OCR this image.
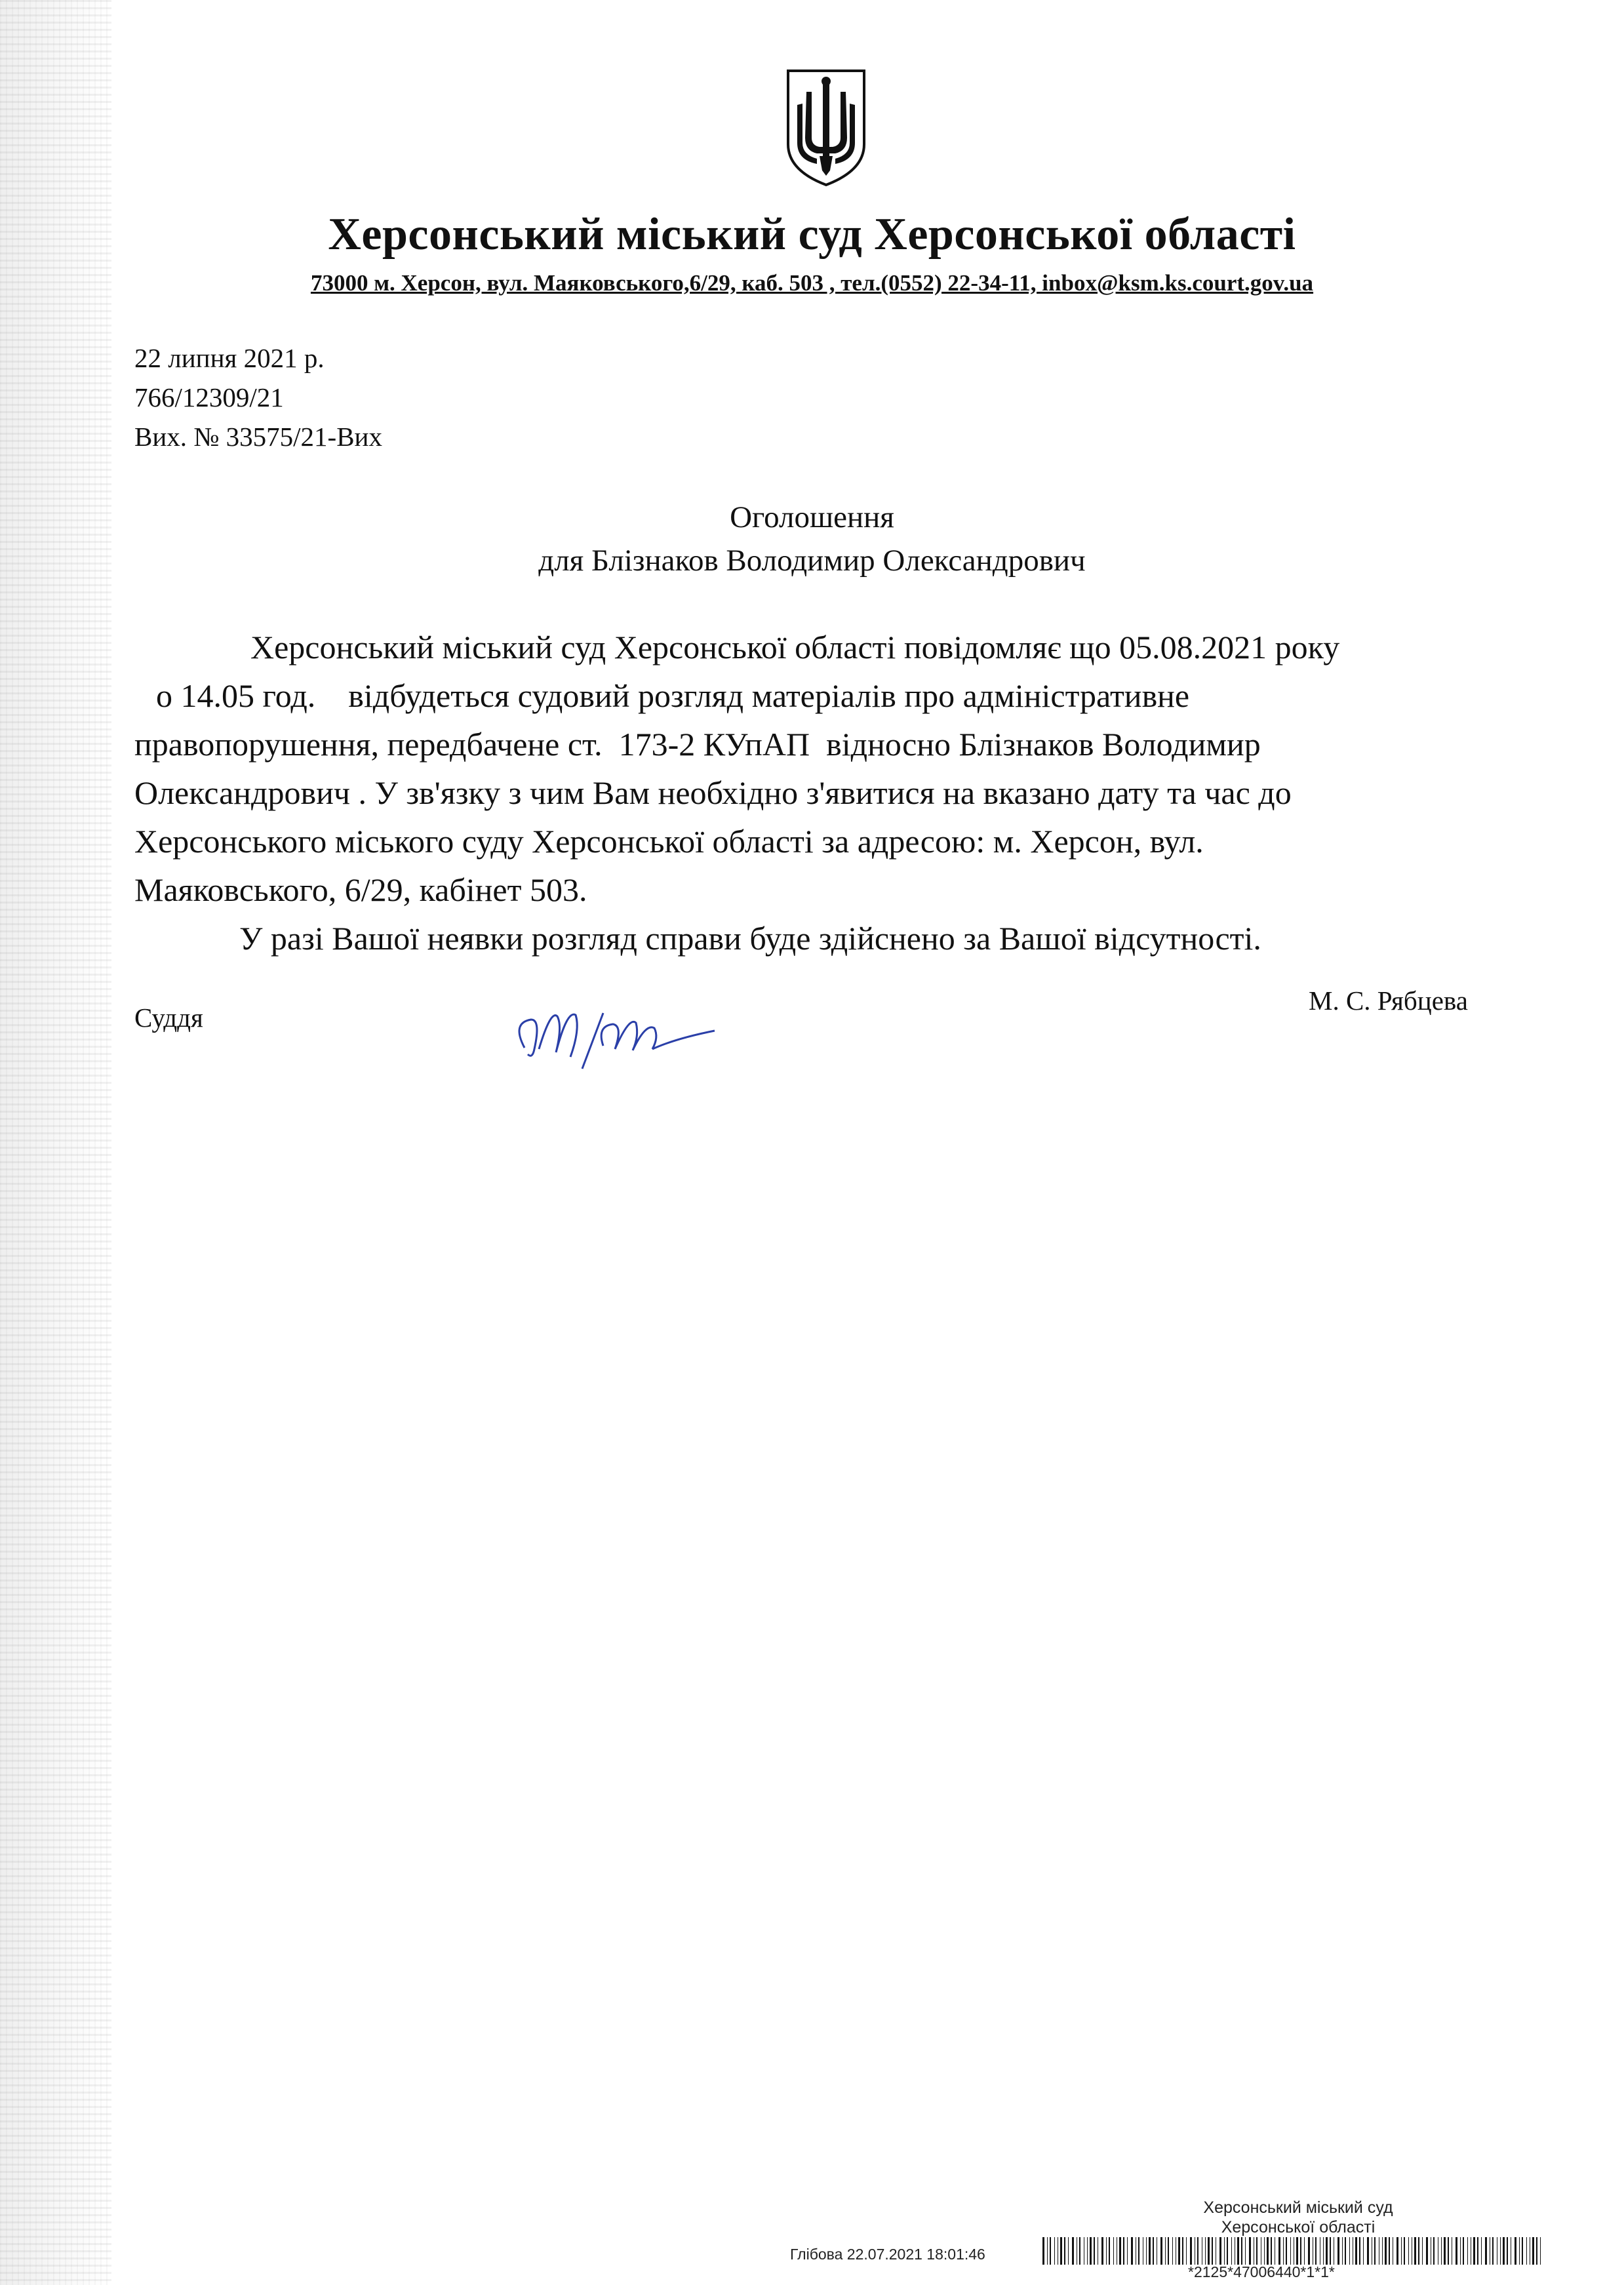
Херсонський міський суд Херсонської області
73000 м. Херсон, вул. Маяковського,6/29, каб. 503 , тел.(0552) 22-34-11, inbox@ksm.ks.court.gov.ua
22 липня 2021 р.
766/12309/21
Вих. № 33575/21-Вих
Оголошення
для Блізнаков Володимир Олександрович
Херсонський міський суд Херсонської області повідомляє що 05.08.2021 року
о 14.05 год.    відбудеться судовий розгляд матеріалів про адміністративне
правопорушення, передбачене ст.  173-2 КУпАП  відносно Блізнаков Володимир
Олександрович . У зв'язку з чим Вам необхідно з'явитися на вказано дату та час до
Херсонського міського суду Херсонської області за адресою: м. Херсон, вул.
Маяковського, 6/29, кабінет 503.
У разі Вашої неявки розгляд справи буде здійснено за Вашої відсутності.
Суддя
М. С. Рябцева
Херсонський міський суд
Херсонської області
Глібова 22.07.2021 18:01:46
*2125*47006440*1*1*
